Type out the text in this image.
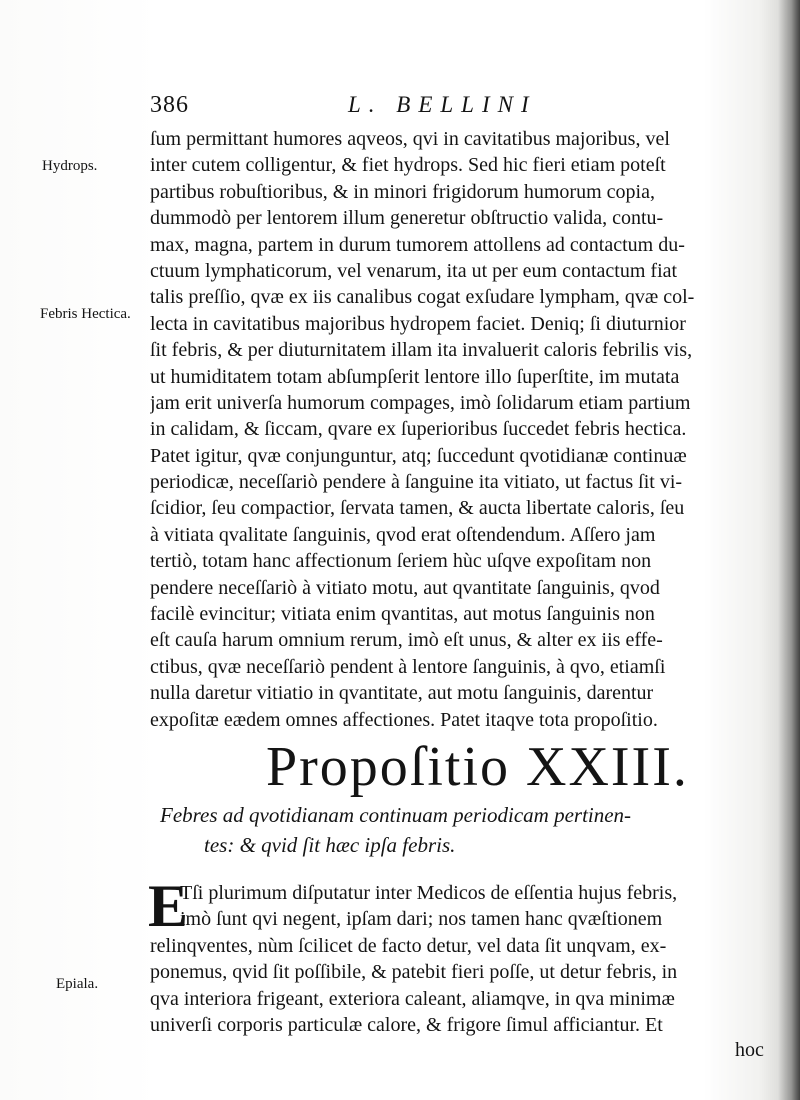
386	L. BELLINI
Hydrops.
Febris Hectica.
Epiala.
ſum permittant humores aqveos, qvi in cavitatibus majoribus, vel
inter cutem colligentur, & fiet hydrops. Sed hic fieri etiam poteſt
partibus robuſtioribus, & in minori frigidorum humorum copia,
dummodò per lentorem illum generetur obſtructio valida, contu-
max, magna, partem in durum tumorem attollens ad contactum du-
ctuum lymphaticorum, vel venarum, ita ut per eum contactum fiat
talis preſſio, qvæ ex iis canalibus cogat exſudare lympham, qvæ col-
lecta in cavitatibus majoribus hydropem faciet. Deniq; ſi diuturnior
ſit febris, & per diuturnitatem illam ita invaluerit caloris febrilis vis,
ut humiditatem totam abſumpſerit lentore illo ſuperſtite, im mutata
jam erit univerſa humorum compages, imò ſolidarum etiam partium
in calidam, & ſiccam, qvare ex ſuperioribus ſuccedet febris hectica.
Patet igitur, qvæ conjunguntur, atq; ſuccedunt qvotidianæ continuæ
periodicæ, neceſſariò pendere à ſanguine ita vitiato, ut factus ſit vi-
ſcidior, ſeu compactior, ſervata tamen, & aucta libertate caloris, ſeu
à vitiata qvalitate ſanguinis, qvod erat oſtendendum. Aſſero jam
tertiò, totam hanc affectionum ſeriem hùc uſqve expoſitam non
pendere neceſſariò à vitiato motu, aut qvantitate ſanguinis, qvod
facilè evincitur; vitiata enim qvantitas, aut motus ſanguinis non
eſt cauſa harum omnium rerum, imò eſt unus, & alter ex iis effe-
ctibus, qvæ neceſſariò pendent à lentore ſanguinis, à qvo, etiamſi
nulla daretur vitiatio in qvantitate, aut motu ſanguinis, darentur
expoſitæ eædem omnes affectiones. Patet itaqve tota propoſitio.
Propoſitio XXIII.
Febres ad qvotidianam continuam periodicam pertinen-
tes: & qvid ſit hæc ipſa febris.
E
Tſi plurimum diſputatur inter Medicos de eſſentia hujus febris,
imò ſunt qvi negent, ipſam dari; nos tamen hanc qvæſtionem
relinqventes, nùm ſcilicet de facto detur, vel data ſit unqvam, ex-
ponemus, qvid ſit poſſibile, & patebit fieri poſſe, ut detur febris, in
qva interiora frigeant, exteriora caleant, aliamqve, in qva minimæ
univerſi corporis particulæ calore, & frigore ſimul afficiantur. Et
hoc
